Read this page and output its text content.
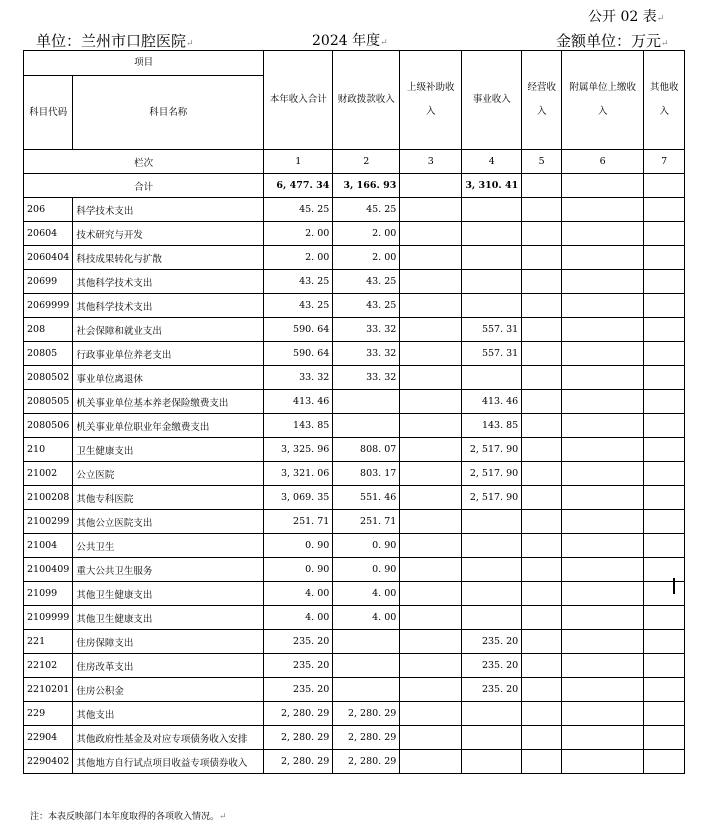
公开 02 表↵
单位：兰州市口腔医院↵	2024 年度↵	金额单位：万元↵
项目		本年收入合计	财政拨款收入	上级补助收入	事业收入	经营收入	附属单位上缴收入	其他收入	
科目代码	科目名称								

栏次		1	2	3	4	5	6	7	
合计		6, 477. 34	3, 166. 93		3, 310. 41				
206	科学技术支出	45. 25	45. 25						
20604	技术研究与开发	2. 00	2. 00						
2060404	科技成果转化与扩散	2. 00	2. 00						
20699	其他科学技术支出	43. 25	43. 25						
2069999	其他科学技术支出	43. 25	43. 25						
208	社会保障和就业支出	590. 64	33. 32		557. 31				
20805	行政事业单位养老支出	590. 64	33. 32		557. 31				
2080502	事业单位离退休	33. 32	33. 32						
2080505	机关事业单位基本养老保险缴费支出	413. 46			413. 46				
2080506	机关事业单位职业年金缴费支出	143. 85			143. 85				
210	卫生健康支出	3, 325. 96	808. 07		2, 517. 90				
21002	公立医院	3, 321. 06	803. 17		2, 517. 90				
2100208	其他专科医院	3, 069. 35	551. 46		2, 517. 90				
2100299	其他公立医院支出	251. 71	251. 71						
21004	公共卫生	0. 90	0. 90						
2100409	重大公共卫生服务	0. 90	0. 90						
21099	其他卫生健康支出	4. 00	4. 00						
2109999	其他卫生健康支出	4. 00	4. 00						
221	住房保障支出	235. 20			235. 20				
22102	住房改革支出	235. 20			235. 20				
2210201	住房公积金	235. 20			235. 20				
229	其他支出	2, 280. 29	2, 280. 29						
22904	其他政府性基金及对应专项债务收入安排	2, 280. 29	2, 280. 29						
2290402	其他地方自行试点项目收益专项债券收入	2, 280. 29	2, 280. 29						
注：本表反映部门本年度取得的各项收入情况。↵
